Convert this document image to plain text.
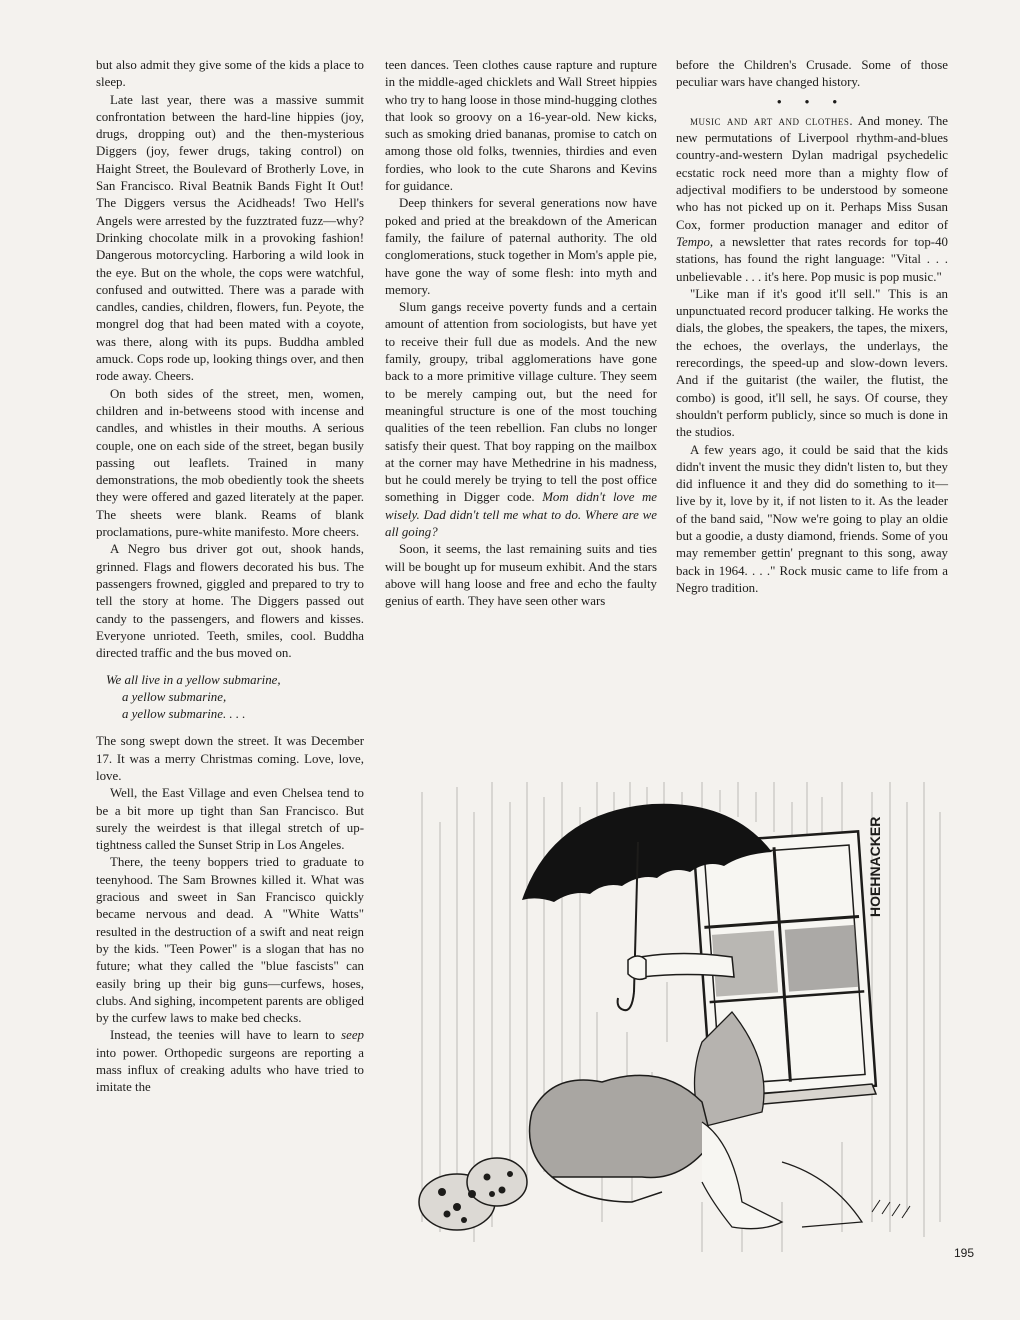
but also admit they give some of the kids a place to sleep.

Late last year, there was a massive summit confrontation between the hard-line hippies (joy, drugs, dropping out) and the then-mysterious Diggers (joy, fewer drugs, taking control) on Haight Street, the Boulevard of Brotherly Love, in San Francisco. Rival Beatnik Bands Fight It Out! The Diggers versus the Acidheads! Two Hell's Angels were arrested by the fuzztrated fuzz—why? Drinking chocolate milk in a provoking fashion! Dangerous motorcycling. Harboring a wild look in the eye. But on the whole, the cops were watchful, confused and outwitted. There was a parade with candles, candies, children, flowers, fun. Peyote, the mongrel dog that had been mated with a coyote, was there, along with its pups. Buddha ambled amuck. Cops rode up, looking things over, and then rode away. Cheers.

On both sides of the street, men, women, children and in-betweens stood with incense and candles, and whistles in their mouths. A serious couple, one on each side of the street, began busily passing out leaflets. Trained in many demonstrations, the mob obediently took the sheets they were offered and gazed literately at the paper. The sheets were blank. Reams of blank proclamations, pure-white manifesto. More cheers.

A Negro bus driver got out, shook hands, grinned. Flags and flowers decorated his bus. The passengers frowned, giggled and prepared to try to tell the story at home. The Diggers passed out candy to the passengers, and flowers and kisses. Everyone unrioted. Teeth, smiles, cool. Buddha directed traffic and the bus moved on.

We all live in a yellow submarine,
a yellow submarine,
a yellow submarine. . . .

The song swept down the street. It was December 17. It was a merry Christmas coming. Love, love, love.

Well, the East Village and even Chelsea tend to be a bit more up tight than San Francisco. But surely the weirdest is that illegal stretch of up-tightness called the Sunset Strip in Los Angeles.

There, the teeny boppers tried to graduate to teenyhood. The Sam Brownes killed it. What was gracious and sweet in San Francisco quickly became nervous and dead. A "White Watts" resulted in the destruction of a swift and neat reign by the kids. "Teen Power" is a slogan that has no future; what they called the "blue fascists" can easily bring up their big guns—curfews, hoses, clubs. And sighing, incompetent parents are obliged by the curfew laws to make bed checks.

Instead, the teenies will have to learn to seep into power. Orthopedic surgeons are reporting a mass influx of creaking adults who have tried to imitate the

teen dances. Teen clothes cause rapture and rupture in the middle-aged chicklets and Wall Street hippies who try to hang loose in those mind-hugging clothes that look so groovy on a 16-year-old. New kicks, such as smoking dried bananas, promise to catch on among those old folks, twennies, thirdies and even fordies, who look to the cute Sharons and Kevins for guidance.

Deep thinkers for several generations now have poked and pried at the breakdown of the American family, the failure of paternal authority. The old conglomerations, stuck together in Mom's apple pie, have gone the way of some flesh: into myth and memory.

Slum gangs receive poverty funds and a certain amount of attention from sociologists, but have yet to receive their full due as models. And the new family, groupy, tribal agglomerations have gone back to a more primitive village culture. They seem to be merely camping out, but the need for meaningful structure is one of the most touching qualities of the teen rebellion. Fan clubs no longer satisfy their quest. That boy rapping on the mailbox at the corner may have Methedrine in his madness, but he could merely be trying to tell the post office something in Digger code. Mom didn't love me wisely. Dad didn't tell me what to do. Where are we all going?

Soon, it seems, the last remaining suits and ties will be bought up for museum exhibit. And the stars above will hang loose and free and echo the faulty genius of earth. They have seen other wars

before the Children's Crusade. Some of those peculiar wars have changed history.

• • •

music and art and clothes. And money. The new permutations of Liverpool rhythm-and-blues country-and-western Dylan madrigal psychedelic ecstatic rock need more than a mighty flow of adjectival modifiers to be understood by someone who has not picked up on it. Perhaps Miss Susan Cox, former production manager and editor of Tempo, a newsletter that rates records for top-40 stations, has found the right language: "Vital . . . unbelievable . . . it's here. Pop music is pop music."

"Like man if it's good it'll sell." This is an unpunctuated record producer talking. He works the dials, the globes, the speakers, the tapes, the mixers, the echoes, the overlays, the underlays, the rerecordings, the speed-up and slow-down levers. And if the guitarist (the wailer, the flutist, the combo) is good, it'll sell, he says. Of course, they shouldn't perform publicly, since so much is done in the studios.

A few years ago, it could be said that the kids didn't invent the music they didn't listen to, but they did influence it and they did do something to it—live by it, love by it, if not listen to it. As the leader of the band said, "Now we're going to play an oldie but a goodie, a dusty diamond, friends. Some of you may remember gettin' pregnant to this song, away back in 1964. . . ." Rock music came to life from a Negro tradition.

HOEHNACKER
195
